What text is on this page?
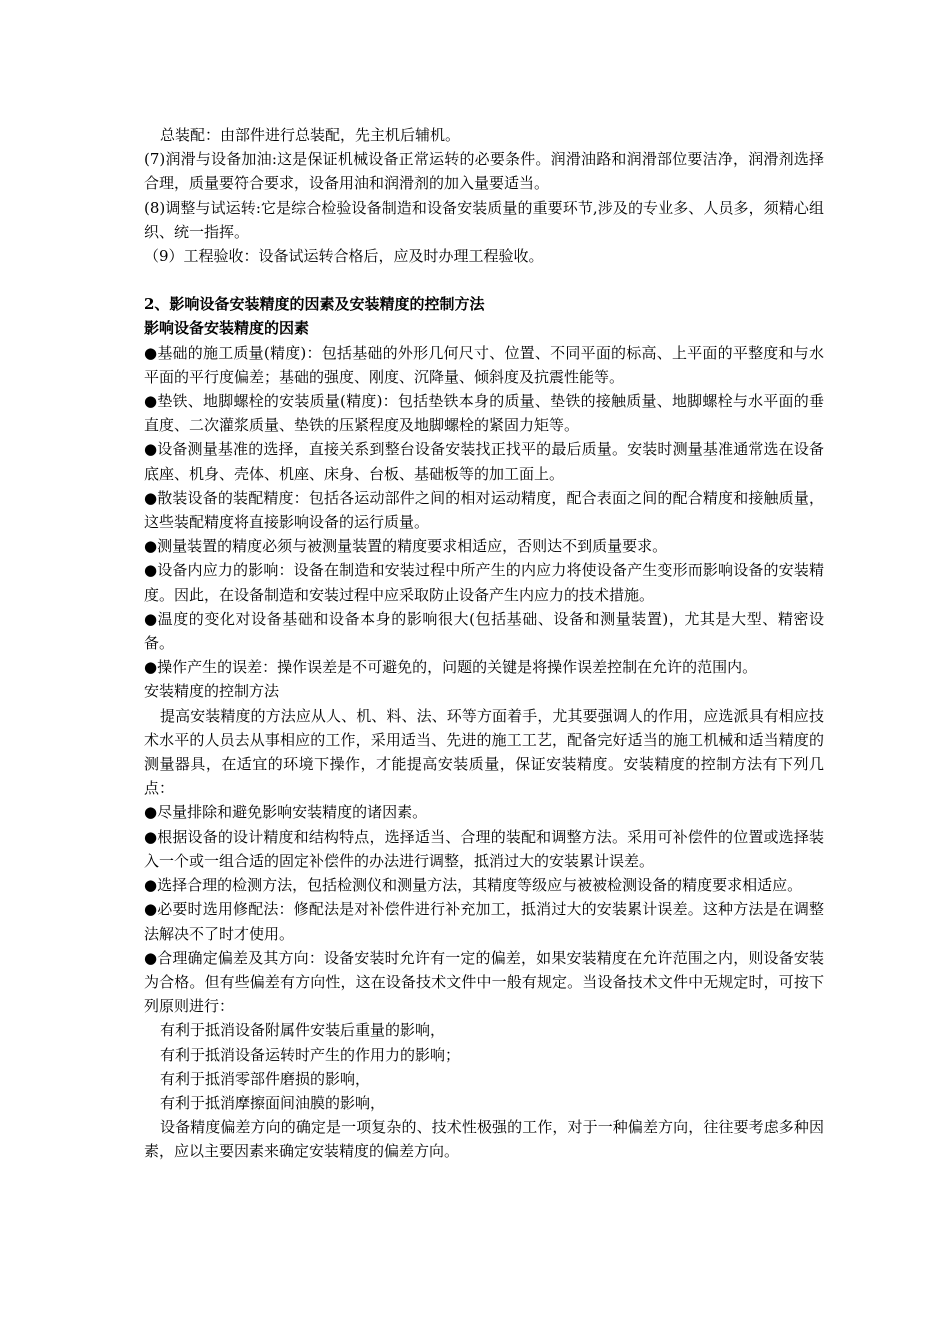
总装配：由部件进行总装配，先主机后辅机。

(7)润滑与设备加油:这是保证机械设备正常运转的必要条件。润滑油路和润滑部位要洁净，润滑剂选择合理，质量要符合要求，设备用油和润滑剂的加入量要适当。

(8)调整与试运转:它是综合检验设备制造和设备安装质量的重要环节,涉及的专业多、人员多，须精心组织、统一指挥。

（9）工程验收：设备试运转合格后，应及时办理工程验收。

2、影响设备安装精度的因素及安装精度的控制方法

影响设备安装精度的因素

●基础的施工质量(精度)：包括基础的外形几何尺寸、位置、不同平面的标高、上平面的平整度和与水平面的平行度偏差；基础的强度、刚度、沉降量、倾斜度及抗震性能等。

●垫铁、地脚螺栓的安装质量(精度)：包括垫铁本身的质量、垫铁的接触质量、地脚螺栓与水平面的垂直度、二次灌浆质量、垫铁的压紧程度及地脚螺栓的紧固力矩等。

●设备测量基准的选择，直接关系到整台设备安装找正找平的最后质量。安装时测量基准通常选在设备底座、机身、壳体、机座、床身、台板、基础板等的加工面上。

●散装设备的装配精度：包括各运动部件之间的相对运动精度，配合表面之间的配合精度和接触质量，这些装配精度将直接影响设备的运行质量。

●测量装置的精度必须与被测量装置的精度要求相适应，否则达不到质量要求。

●设备内应力的影响：设备在制造和安装过程中所产生的内应力将使设备产生变形而影响设备的安装精度。因此，在设备制造和安装过程中应采取防止设备产生内应力的技术措施。

●温度的变化对设备基础和设备本身的影响很大(包括基础、设备和测量装置)，尤其是大型、精密设备。

●操作产生的误差：操作误差是不可避免的，问题的关键是将操作误差控制在允许的范围内。

安装精度的控制方法

提高安装精度的方法应从人、机、料、法、环等方面着手，尤其要强调人的作用，应选派具有相应技术水平的人员去从事相应的工作，采用适当、先进的施工工艺，配备完好适当的施工机械和适当精度的测量器具，在适宜的环境下操作，才能提高安装质量，保证安装精度。安装精度的控制方法有下列几点：

●尽量排除和避免影响安装精度的诸因素。

●根据设备的设计精度和结构特点，选择适当、合理的装配和调整方法。采用可补偿件的位置或选择装入一个或一组合适的固定补偿件的办法进行调整，抵消过大的安装累计误差。

●选择合理的检测方法，包括检测仪和测量方法，其精度等级应与被被检测设备的精度要求相适应。

●必要时选用修配法：修配法是对补偿件进行补充加工，抵消过大的安装累计误差。这种方法是在调整法解决不了时才使用。

●合理确定偏差及其方向：设备安装时允许有一定的偏差，如果安装精度在允许范围之内，则设备安装为合格。但有些偏差有方向性，这在设备技术文件中一般有规定。当设备技术文件中无规定时，可按下列原则进行：

有利于抵消设备附属件安装后重量的影响，

有利于抵消设备运转时产生的作用力的影响；

有利于抵消零部件磨损的影响，

有利于抵消摩擦面间油膜的影响，

设备精度偏差方向的确定是一项复杂的、技术性极强的工作，对于一种偏差方向，往往要考虑多种因素，应以主要因素来确定安装精度的偏差方向。
